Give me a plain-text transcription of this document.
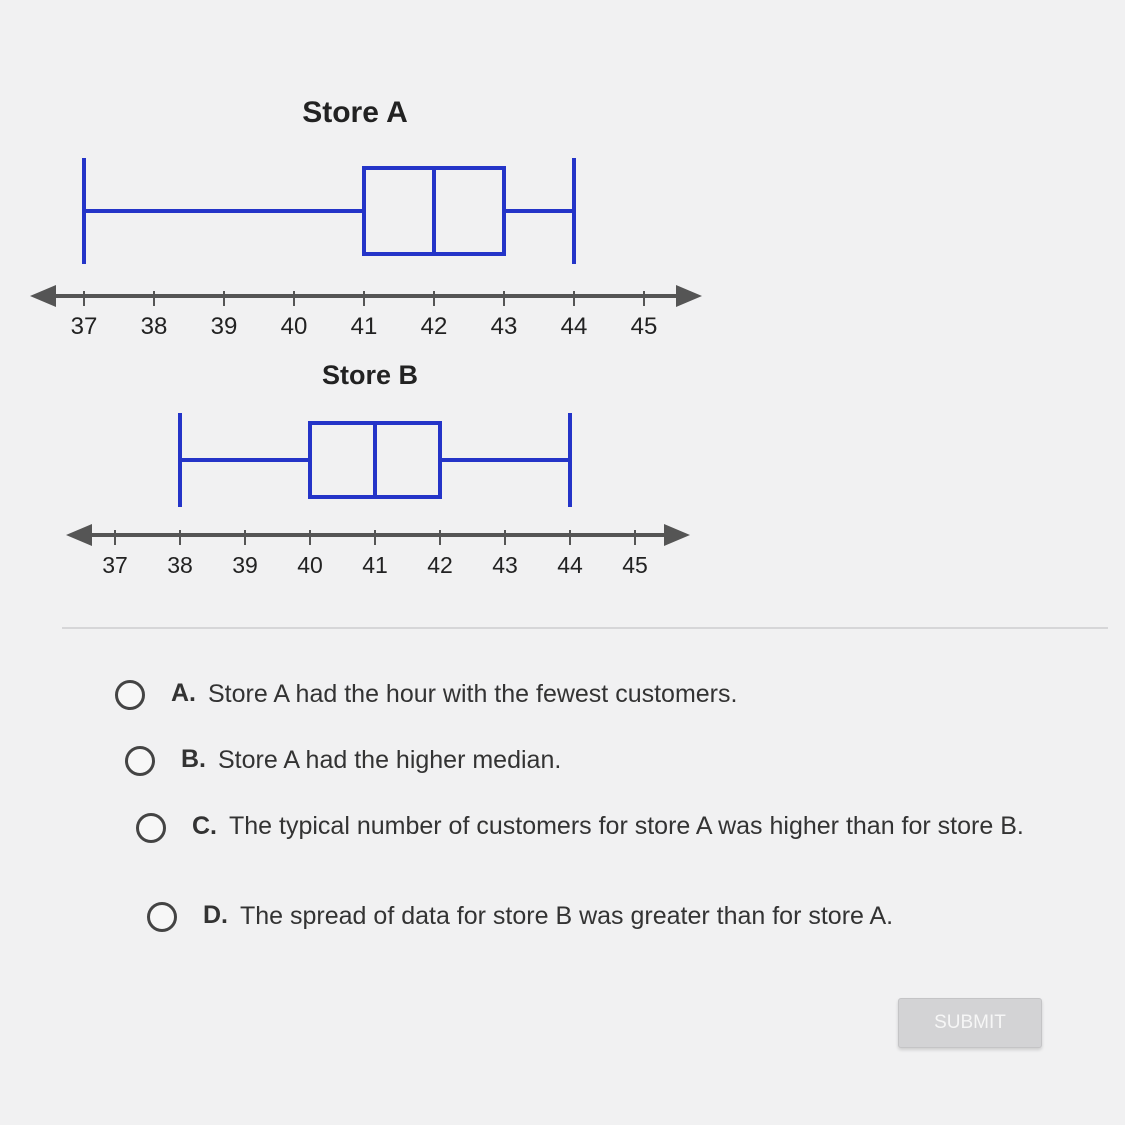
Store A
37 38 39 40 41 42 43 44 45
Store B
37 38 39 40 41 42 43 44 45
A. Store A had the hour with the fewest customers.
B. Store A had the higher median.
C. The typical number of customers for store A was higher than for store B.
D. The spread of data for store B was greater than for store A.
SUBMIT
